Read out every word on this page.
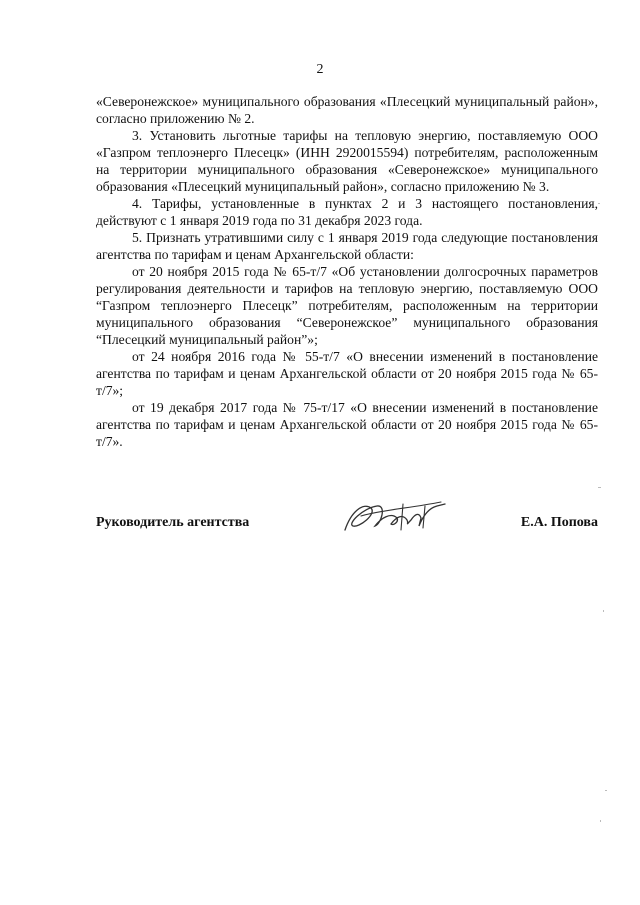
2

«Северонежское» муниципального образования «Плесецкий муниципальный район», согласно приложению № 2.

3. Установить льготные тарифы на тепловую энергию, поставляемую ООО «Газпром теплоэнерго Плесецк» (ИНН 2920015594) потребителям, расположенным на территории муниципального образования «Северонежское» муниципального образования «Плесецкий муниципальный район», согласно приложению № 3.

4. Тарифы, установленные в пунктах 2 и 3 настоящего постановления, действуют с 1 января 2019 года по 31 декабря 2023 года.

5. Признать утратившими силу с 1 января 2019 года следующие постановления агентства по тарифам и ценам Архангельской области:

от 20 ноября 2015 года № 65-т/7 «Об установлении долгосрочных параметров регулирования деятельности и тарифов на тепловую энергию, поставляемую ООО “Газпром теплоэнерго Плесецк” потребителям, расположенным на территории муниципального образования “Северонежское” муниципального образования “Плесецкий муниципальный район”»;

от 24 ноября 2016 года № 55-т/7 «О внесении изменений в постановление агентства по тарифам и ценам Архангельской области от 20 ноября 2015 года № 65-т/7»;

от 19 декабря 2017 года № 75-т/17 «О внесении изменений в постановление агентства по тарифам и ценам Архангельской области от 20 ноября 2015 года № 65-т/7».

Руководитель агентства	Е.А. Попова
